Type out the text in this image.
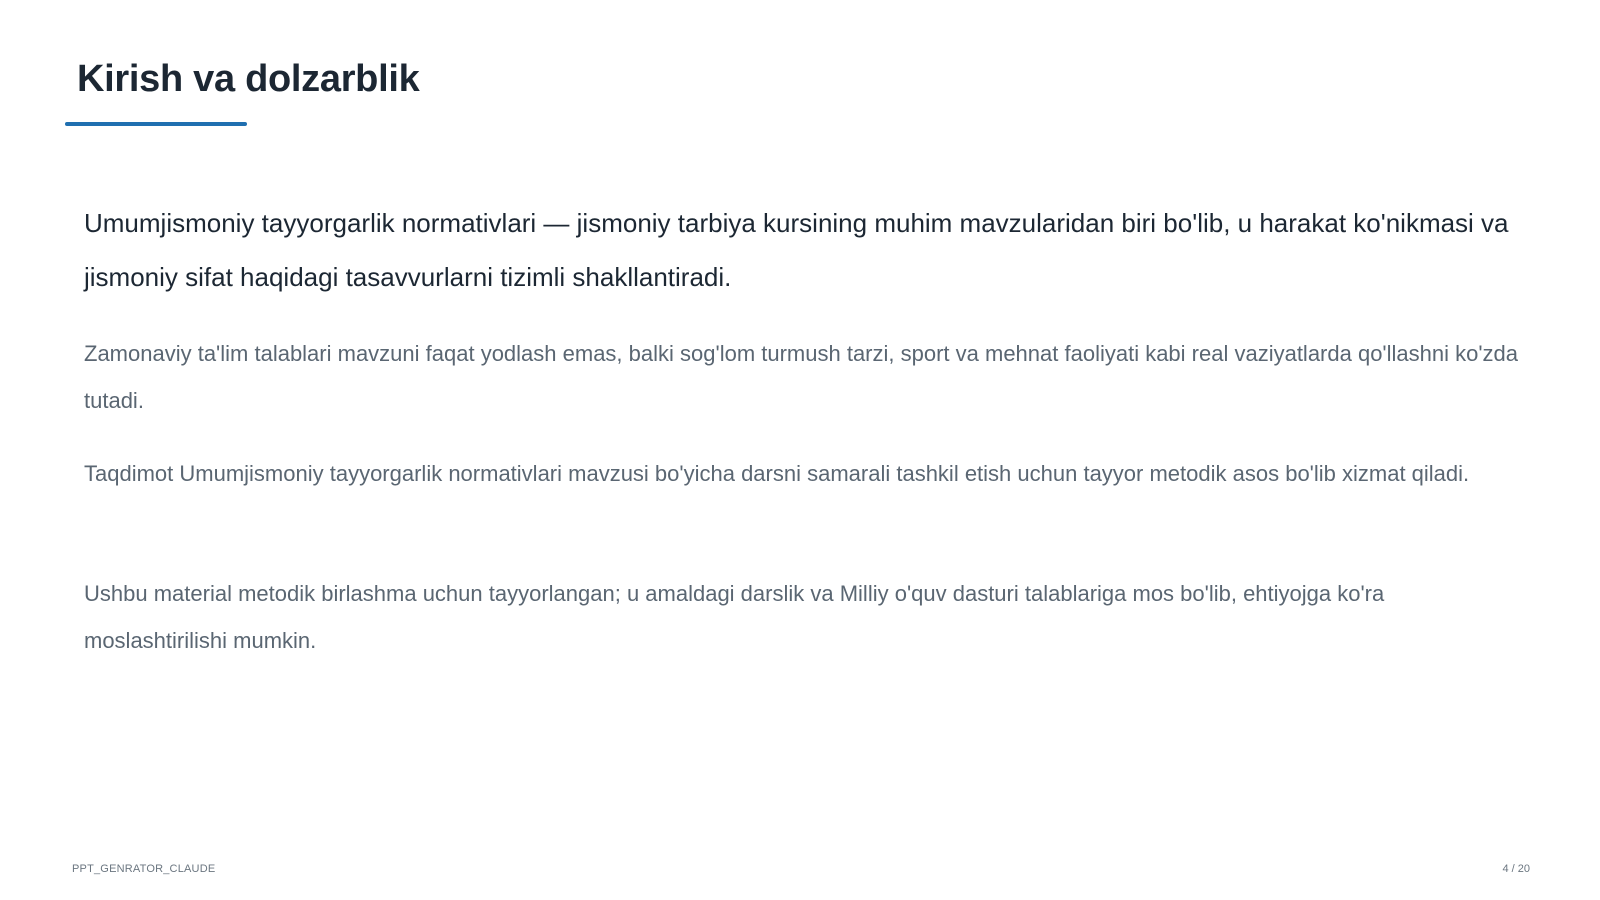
Kirish va dolzarblik

Umumjismoniy tayyorgarlik normativlari — jismoniy tarbiya kursining muhim mavzularidan biri bo'lib, u harakat ko'nikmasi va jismoniy sifat haqidagi tasavvurlarni tizimli shakllantiradi.

Zamonaviy ta'lim talablari mavzuni faqat yodlash emas, balki sog'lom turmush tarzi, sport va mehnat faoliyati kabi real vaziyatlarda qo'llashni ko'zda tutadi.

Taqdimot Umumjismoniy tayyorgarlik normativlari mavzusi bo'yicha darsni samarali tashkil etish uchun tayyor metodik asos bo'lib xizmat qiladi.

Ushbu material metodik birlashma uchun tayyorlangan; u amaldagi darslik va Milliy o'quv dasturi talablariga mos bo'lib, ehtiyojga ko'ra moslashtirilishi mumkin.

PPT_GENRATOR_CLAUDE	4 / 20
